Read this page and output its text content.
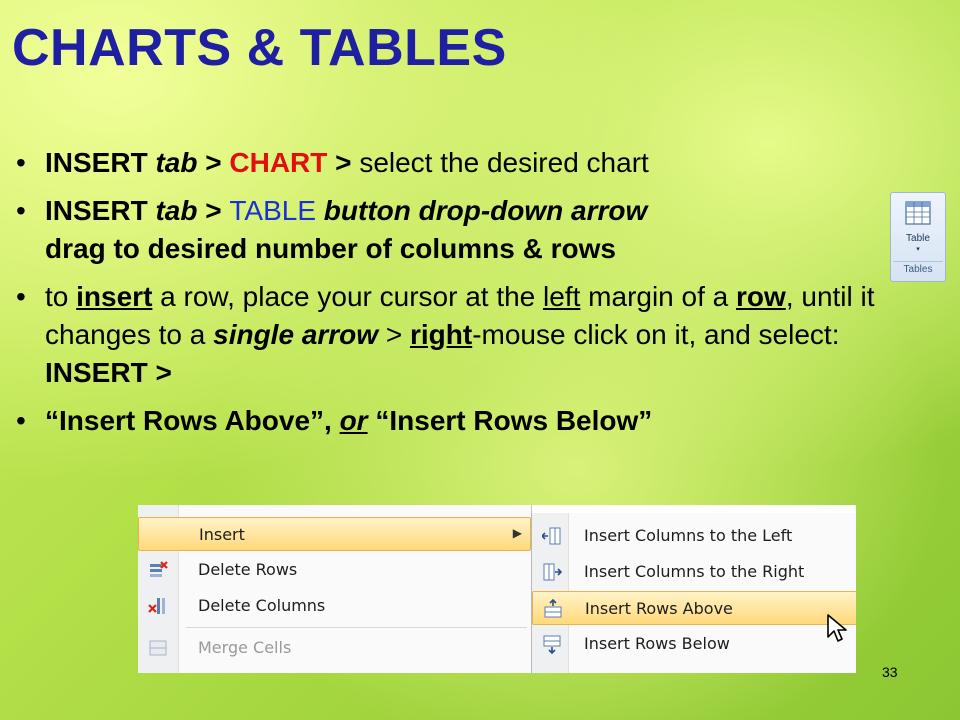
CHARTS & TABLES
• INSERT tab > CHART > select the desired chart
• INSERT tab > TABLE button drop-down arrow
drag to desired number of columns & rows
• to insert a row, place your cursor at the left margin of a row, until it changes to a single arrow > right-mouse click on it, and select: INSERT >
• “Insert Rows Above”, or “Insert Rows Below”
Table
▾
Tables
Insert	▶
Delete Rows
Delete Columns
Merge Cells
Insert Columns to the Left
Insert Columns to the Right
Insert Rows Above
Insert Rows Below
33
